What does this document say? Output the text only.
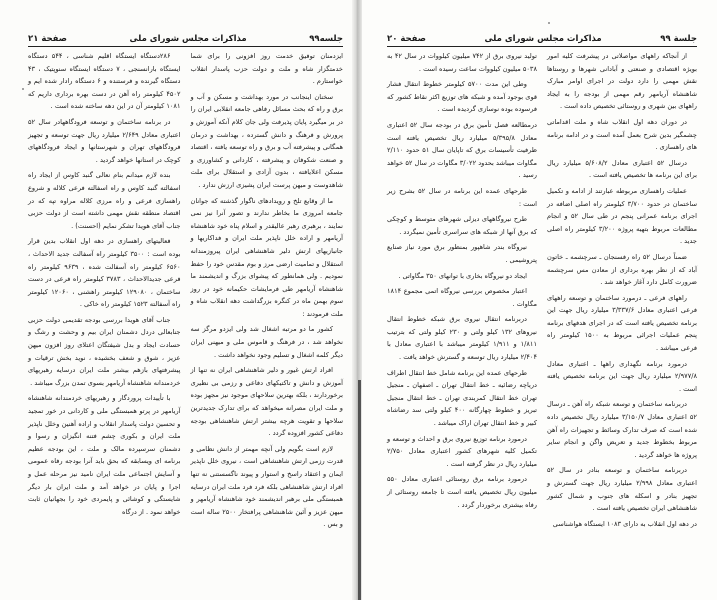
جلسه۹۹
مذاکرات مجلس شورای ملی
صفحة ۲۱

۲۸۶دستگاه ایستگاه اقلیم شناسی ، ۵۴۴ دستگاه ایستگاه بارانسنجی ، ۷ دستگاه ایستگاه سنوپتیک ، ۴۳ دستگاه گیرنده و فرستنده و ۶ دستگاه رادار شده ایم و ۴۵۰۲ کیلومتر راه آهن در دست بهره برداری داریم که ۱۰۸۱ کیلومتر آن در این دهه ساخته شده است .

در برنامه ساختمان و توسعه فرودگاههادر سال ۵۲ اعتباری معادل ۲/۶۴۹ میلیارد ریال جهت توسعه و تجهیز فرودگاههای تهران و شهرستانها و ایجاد فرودگاههای کوچک در استانها خواهد گردید .

بنده لازم میدانم بنام نعالی گنبد کاوس از ایجاد راه اسفالته گنبد کاوس و راه اسفالته فرعی کلاله و شروع راهسازی فرعی و راه مرزی کلاله مراوه تپه که در اقتصاد منطقه نقش مهمی داشته است از دولت حزبی جناب آقای هویدا تشکر نمایم (احسنت) .

فعالیتهای راهسازی در دهه اول انقلاب بدین قرار بوده است : ۳۵۰۰ کیلومتر راه آسفالت جدید الاحداث ، ۶۵۶۰ کیلومتر راه آسفالت شده ، ۹۶۳۹ کیلومتر راه فرعی جدیدالاحداث ، ۳۷۸۳ کیلومتر راه فرعی در دست ساختمان ، ۱۲۹۰۸۰ کیلومتر راهشنی ، ۱۲۰۶۰ کیلومتر راه آسفالته ۱۵۲۳ کیلومتر راه خاکی .

جناب آقای هویدا بررسی بودجه تقدیمی دولت حزبی جنابعالی دردل دشمنان ایران بیم و وحشت و رشگ و حسادت ایجاد و بدل شیفتگان اعتلای روز افزون میهن عزیز ، شوق و شعف بخشیده ، نوید بخش ترقیات و پیشرفتهای بازهم بیشتر ملت ایران درسایه رهبریهای خردمندانه شاهنشاه آریامهر بسوی تمدن بزرگ میباشد .

با تأییدات پروردگار و رهبریهای خردمندانه شاهنشاه آریامهر در پرتو همبستگی ملی و کاردانی در خور تمجید و تحسین دولت پاسدار انقلاب و اراده آهنین وخلل ناپذیر ملت ایران و بکوری چشم فتنه انگیزان و رسوا و دشمنان سرسپرده مالک و ملت ، این بودجه عظیم برنامه ای ویسابقه که بحق باید آنرا بودجه رفاه عمومی و آسایش اجتماعی ملت ایران نامید نیز مرحله عمل و اجرا و پایان در خواهد آمد و ملت ایران بار دیگر شایستگی و کوشائی و پایمردی خود را بجهانیان ثابت خواهد نمود . از درگاه

ایزدمنان توفیق خدمت روز افزونی را برای شما خدمتگزار شاه و ملت و دولت حزب پاسدار انقلاب خواستارم .

سخنان اینجانب در مورد بهداشت و مسکن و آب و برق و راه که بحث مسائل رفاهی جامعه انقلابی ایران را در بر میگیرد پایان پذیرفت ولی جان کلام آنکه آموزش و پرورش و فرهنگ و دانش گسترده ، بهداشت و درمان همگانی و پیشرفته آب و برق و راه توسعه یافته ، اقتصاد و صنعت شکوفان و پیشرفته ، کاردانی و کشاورزی و مسکن اعلایافته ، بدون آزادی و استقلال برای ملت شاهدوست و میهن پرست ایران پشیزی ارزش ندارد .

ما از وقایع تلخ و رویدادهای ناگوار گذشته که جوانان جامعه امروزی ما بخاطر ندارند و تصور آنرا نیز نمی نمایند ، برهبری رهبر عالیقدر و اسلام پناه خود شاهنشاه آریامهر و اراده خلل ناپذیر ملت ایران و فداکاریها و جانبازیهای ارتش دلیر شاهنشاهی ایران پیروزمندانه استقلال و تمامیت ارضی مرز و بوم مقدس خود را حفظ نمودیم . ولی همانطور که پیشوای بزرگ و اندیشمند ما شاهنشاه آریامهر طی فرمایشات حکیمانه خود در روز سوم بهمن ماه در کنگره بزرگداشت دهه انقلاب شاه و ملت فرمودند :

کشور ما دو مرتبه اشغال شد ولی ایزدو مرگز سه نخواهد شد ، در فرهنگ و قاموس ملی و میهنی ایران دیگر کلمه اشغال و تسلیم وجود نخواهد داشت .

افراد ارتش غیور و دلیر شاهنشاهی ایران نه تنها از آموزش و دانش و تاکتیکهای دفاعی و رزمی بی نظیری برخوردارند ، بلکه بهترین سلاحهای موجود نیز مجهز بوده و ملت ایران مصرانه میخواهد که برای تدارک جدیدترین سلاحها و تقویت هرچه بیشتر ارتش شاهنشاهی بودجه دفاعی کشور افزوده گردد .

لازم است بگویم ولی آنچه مهمتر از دانش نظامی و قدرت رزمی ارتش شاهنشاهی است ، نیروی خلل ناپذیر ایمان و اعتقاد راسخ و استوار و پیوند ناگسستنی نه تنها افراد ارتش شاهنشاهی بلکه فرد فرد ملت ایران درسایه همبستگی ملی برهبر اندیشمند خود شاهنشاه آریامهر و میهن عزیز و آئین شاهنشاهی پرافتخار ۲۵۰۰ ساله است و بس .

جلسة ۹۹
مذاکرات مجلس شورای ملی
صفحة ۲۰

تولید نیروی برق از ۷۴۲ میلیون کیلووات در سال ۴۲ به ۵۰۳۸ میلیون کیلووات ساعت رسیده است .

وطی این مدت ۵۷۰۰ کیلومتر خطوط انتقال فشار قوی بوجود آمده و شبکه های توزیع اکثر نقاط کشور که فرسوده بوده نوسازی گردیده است .

درمطالعه فصل تأمین برق در بودجه سال ۵۲ اعتباری معادل ۵/۳۹۵/۸ میلیارد ریال تخصیص یافته است ظرفیت تأسیسات برق که تاپایان سال ۵۱ حدود ۲/۱۱۰ مگاوات میباشد بحدود ۳/۰۲۲ مگاوات در سال ۵۲ خواهد رسید .

طرحهای عمده این برنامه در سال ۵۲ بشرح زیر است :

طرح نیروگاههای دیزلی شهرهای متوسط و کوچکی که برق آنها از شبکه های سراسری تأمین نمیگردد .

نیروگاه بندر شاهپور بمنظور برق مورد نیاز صنایع پتروشیمی .

ایجاد دو نیروگاه بخاری با توانهای ۳۵۰ مگاواتی .

اعتبار مخصوص بررسی نیروگاه اتمی مجموع ۱۸۱۴ مگاوات .

دربرنامه انتقال نیروی برق شبکه خطوط انتقال نیروهای ۱۳۲ کیلو ولتی و ۲۳۰ کیلو ولتی که بترتیب ۱/۸۱۱ و ۱/۹۱۱ کیلومتر میباشد با اعتباری معادل با ۲/۴۰۴ میلیارد ریال توسعه و گسترش خواهد یافت .

طرحهای عمده این برنامه شامل خط انتقال اطراف دریاچه رضائیه ـ خط انتقال تهران ـ اصفهان ـ منجیل تهران خط انتقال کمربندی تهران ـ خط انتقال منجیل تبریز و خطوط چهارگانه ۴۰۰ کیلو ولتی سد رضاشاه کبیر و خط انتقال تهران اراک میباشد .

درمورد برنامه توزیع نیروی برق و احداث و توسعه و تکمیل کلیه شهرهای کشور اعتباری معادل ۲/۷۵۰ میلیارد ریال در نظر گرفته است .

درمورد برنامه برق روستائی اعتباری معادل ۵۵۰ میلیون ریال تخصیص یافته است تا جامعه روستائی از رفاه بیشتری برخوردار گردد .

از آنجاکه راههای مواصلاتی در پیشرفت کلیه امور بویژه اقتصادی و صنعتی و آبادانی شهرها و روستاها نقش مهمی را دارد دولت در اجرای اوامر مبارک شاهنشاه آریامهر رقم مهمی از بودجه را به ایجاد راههای بین شهری و روستائی تخصیص داده است .

در دوران دهه اول انقلاب شاه و ملت اقداماتی چشمگیر بدین شرح بعمل آمده است و در ادامه برنامه های راهسازی .

درسال ۵۲ اعتباری معادل ۵/۶۰۸/۲ میلیارد ریال برای این برنامه ها تخصیص یافته است .

عملیات راهسازی مربوطه عبارتند از ادامه و تکمیل ساختمان در حدود ۳/۷۰۰ کیلومتر راه اصلی اضافه در اجرای برنامه عمرانی پنجم در طی سال ۵۲ و انجام مطالعات مربوط بتهیه پروژه ۳/۲۰۰ کیلومتر راه اصلی جدید .

ضمناً درسال ۵۲ راه رفسنجان ـ سرچشمه ـ خاتون آباد که از نظر بهره برداری از معادن مس سرچشمه ضرورت کامل دارد آغاز خواهد شد .

راههای فرعی ـ درمورد ساختمان و توسعه راههای فرعی اعتباری معادل ۳/۳۳۷/۶ میلیارد ریال جهت این برنامه تخصیص یافته است که در اجرای هدفهای برنامه پنجم عملیات اجرائی مربوط به ۱۵۰۰ کیلومتر راه فرعی میباشد .

درمورد برنامه نگهداری راهها ـ اعتباری معادل ۲/۹۷۷/۸ میلیارد ریال جهت این برنامه تخصیص یافته است .

دربرنامه ساختمان و توسعه شبکه راه آهن ـ درسال ۵۲ اعتباری معادل ۳/۱۵۰/۷ میلیارد ریال تخصیص داده شده است که صرف تدارک وسائط و تجهیزات راه آهن مربوط بخطوط جدید و تعریض واگن و انجام سایر پروژه ها خواهد گردید .

دربرنامه ساختمان و توسعه بنادر در سال ۵۲ اعتباری معادل ۲/۹۹۸ میلیارد ریال جهت گسترش و تجهیز بنادر و اسکله های جنوب و شمال کشور شاهنشاهی ایران تخصیص یافته است .

در دهه اول انقلاب به دارای ۱۰۸۳ ایستگاه هواشناسی
